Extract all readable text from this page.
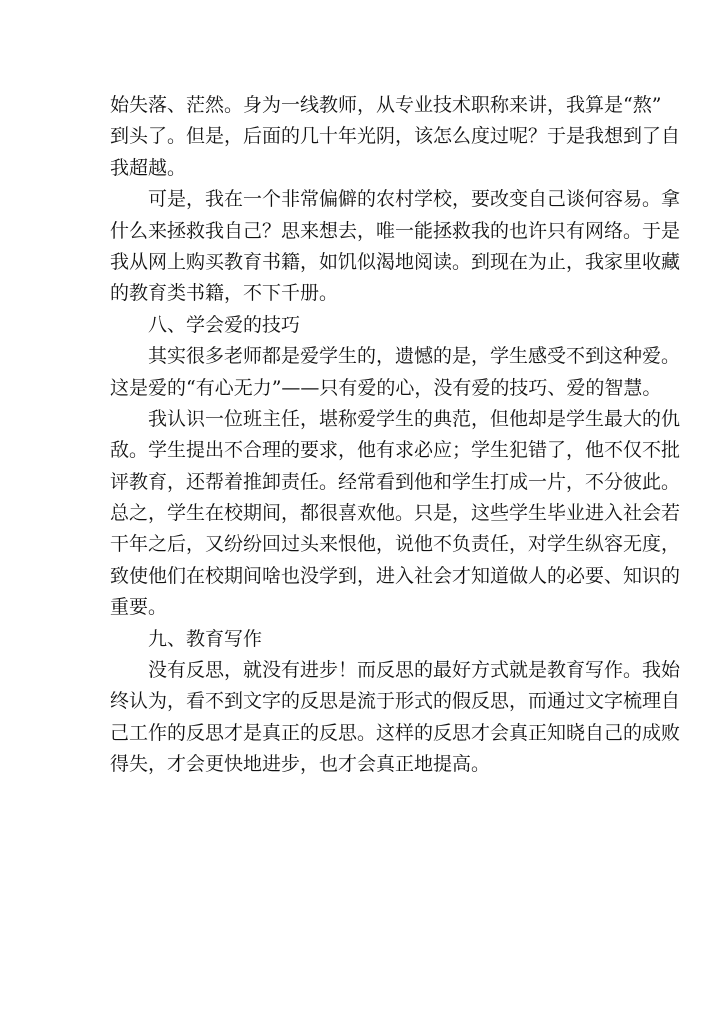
始失落、茫然。身为一线教师，从专业技术职称来讲，我算是“熬”
到头了。但是，后面的几十年光阴，该怎么度过呢？于是我想到了自
我超越。
可是，我在一个非常偏僻的农村学校，要改变自己谈何容易。拿
什么来拯救我自己？思来想去，唯一能拯救我的也许只有网络。于是
我从网上购买教育书籍，如饥似渴地阅读。到现在为止，我家里收藏
的教育类书籍，不下千册。
八、学会爱的技巧
其实很多老师都是爱学生的，遗憾的是，学生感受不到这种爱。
这是爱的“有心无力”——只有爱的心，没有爱的技巧、爱的智慧。
我认识一位班主任，堪称爱学生的典范，但他却是学生最大的仇
敌。学生提出不合理的要求，他有求必应；学生犯错了，他不仅不批
评教育，还帮着推卸责任。经常看到他和学生打成一片，不分彼此。
总之，学生在校期间，都很喜欢他。只是，这些学生毕业进入社会若
干年之后，又纷纷回过头来恨他，说他不负责任，对学生纵容无度，
致使他们在校期间啥也没学到，进入社会才知道做人的必要、知识的
重要。
九、教育写作
没有反思，就没有进步！而反思的最好方式就是教育写作。我始
终认为，看不到文字的反思是流于形式的假反思，而通过文字梳理自
己工作的反思才是真正的反思。这样的反思才会真正知晓自己的成败
得失，才会更快地进步，也才会真正地提高。
